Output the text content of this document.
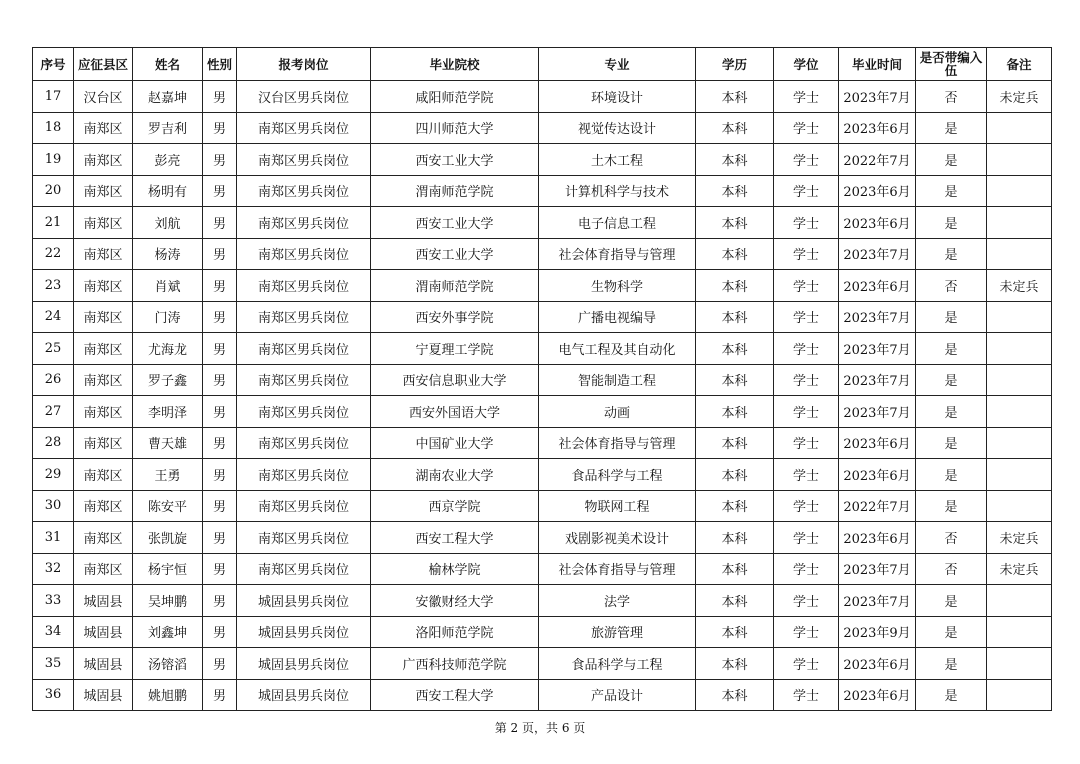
序号	应征县区	姓名	性别	报考岗位	毕业院校	专业	学历	学位	毕业时间	是否带编入伍	备注
17	汉台区	赵嘉坤	男	汉台区男兵岗位	咸阳师范学院	环境设计	本科	学士	2023年7月	否	未定兵
18	南郑区	罗吉利	男	南郑区男兵岗位	四川师范大学	视觉传达设计	本科	学士	2023年6月	是	
19	南郑区	彭亮	男	南郑区男兵岗位	西安工业大学	土木工程	本科	学士	2022年7月	是	
20	南郑区	杨明有	男	南郑区男兵岗位	渭南师范学院	计算机科学与技术	本科	学士	2023年6月	是	
21	南郑区	刘航	男	南郑区男兵岗位	西安工业大学	电子信息工程	本科	学士	2023年6月	是	
22	南郑区	杨涛	男	南郑区男兵岗位	西安工业大学	社会体育指导与管理	本科	学士	2023年7月	是	
23	南郑区	肖斌	男	南郑区男兵岗位	渭南师范学院	生物科学	本科	学士	2023年6月	否	未定兵
24	南郑区	门涛	男	南郑区男兵岗位	西安外事学院	广播电视编导	本科	学士	2023年7月	是	
25	南郑区	尤海龙	男	南郑区男兵岗位	宁夏理工学院	电气工程及其自动化	本科	学士	2023年7月	是	
26	南郑区	罗子鑫	男	南郑区男兵岗位	西安信息职业大学	智能制造工程	本科	学士	2023年7月	是	
27	南郑区	李明泽	男	南郑区男兵岗位	西安外国语大学	动画	本科	学士	2023年7月	是	
28	南郑区	曹天雄	男	南郑区男兵岗位	中国矿业大学	社会体育指导与管理	本科	学士	2023年6月	是	
29	南郑区	王勇	男	南郑区男兵岗位	湖南农业大学	食品科学与工程	本科	学士	2023年6月	是	
30	南郑区	陈安平	男	南郑区男兵岗位	西京学院	物联网工程	本科	学士	2022年7月	是	
31	南郑区	张凯旋	男	南郑区男兵岗位	西安工程大学	戏剧影视美术设计	本科	学士	2023年6月	否	未定兵
32	南郑区	杨宇恒	男	南郑区男兵岗位	榆林学院	社会体育指导与管理	本科	学士	2023年7月	否	未定兵
33	城固县	吴坤鹏	男	城固县男兵岗位	安徽财经大学	法学	本科	学士	2023年7月	是	
34	城固县	刘鑫坤	男	城固县男兵岗位	洛阳师范学院	旅游管理	本科	学士	2023年9月	是	
35	城固县	汤镕滔	男	城固县男兵岗位	广西科技师范学院	食品科学与工程	本科	学士	2023年6月	是	
36	城固县	姚旭鹏	男	城固县男兵岗位	西安工程大学	产品设计	本科	学士	2023年6月	是	
第 2 页，共 6 页
